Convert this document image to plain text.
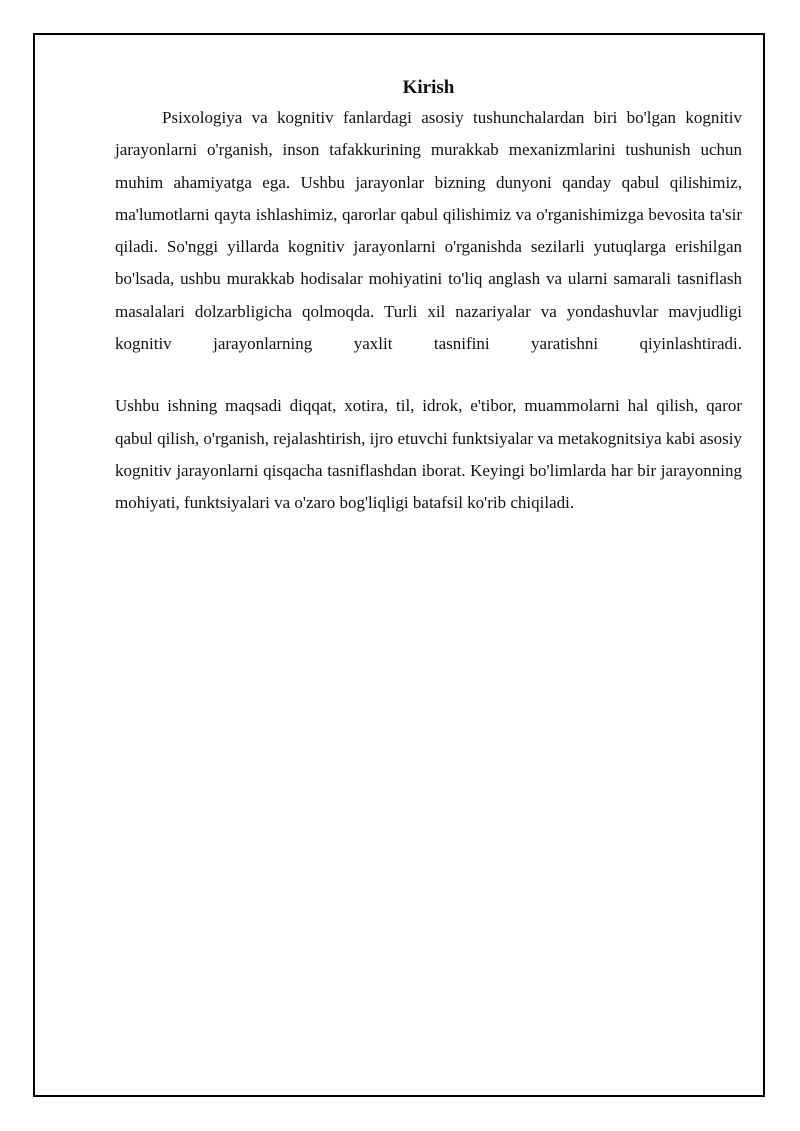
Kirish

Psixologiya va kognitiv fanlardagi asosiy tushunchalardan biri bo'lgan kognitiv jarayonlarni o'rganish, inson tafakkurining murakkab mexanizmlarini tushunish uchun muhim ahamiyatga ega. Ushbu jarayonlar bizning dunyoni qanday qabul qilishimiz, ma'lumotlarni qayta ishlashimiz, qarorlar qabul qilishimiz va o'rganishimizga bevosita ta'sir qiladi. So'nggi yillarda kognitiv jarayonlarni o'rganishda sezilarli yutuqlarga erishilgan bo'lsada, ushbu murakkab hodisalar mohiyatini to'liq anglash va ularni samarali tasniflash masalalari dolzarbligicha qolmoqda. Turli xil nazariyalar va yondashuvlar mavjudligi kognitiv jarayonlarning yaxlit tasnifini yaratishni qiyinlashtiradi.

Ushbu ishning maqsadi diqqat, xotira, til, idrok, e'tibor, muammolarni hal qilish, qaror qabul qilish, o'rganish, rejalashtirish, ijro etuvchi funktsiyalar va metakognitsiya kabi asosiy kognitiv jarayonlarni qisqacha tasniflashdan iborat. Keyingi bo'limlarda har bir jarayonning mohiyati, funktsiyalari va o'zaro bog'liqligi batafsil ko'rib chiqiladi.
